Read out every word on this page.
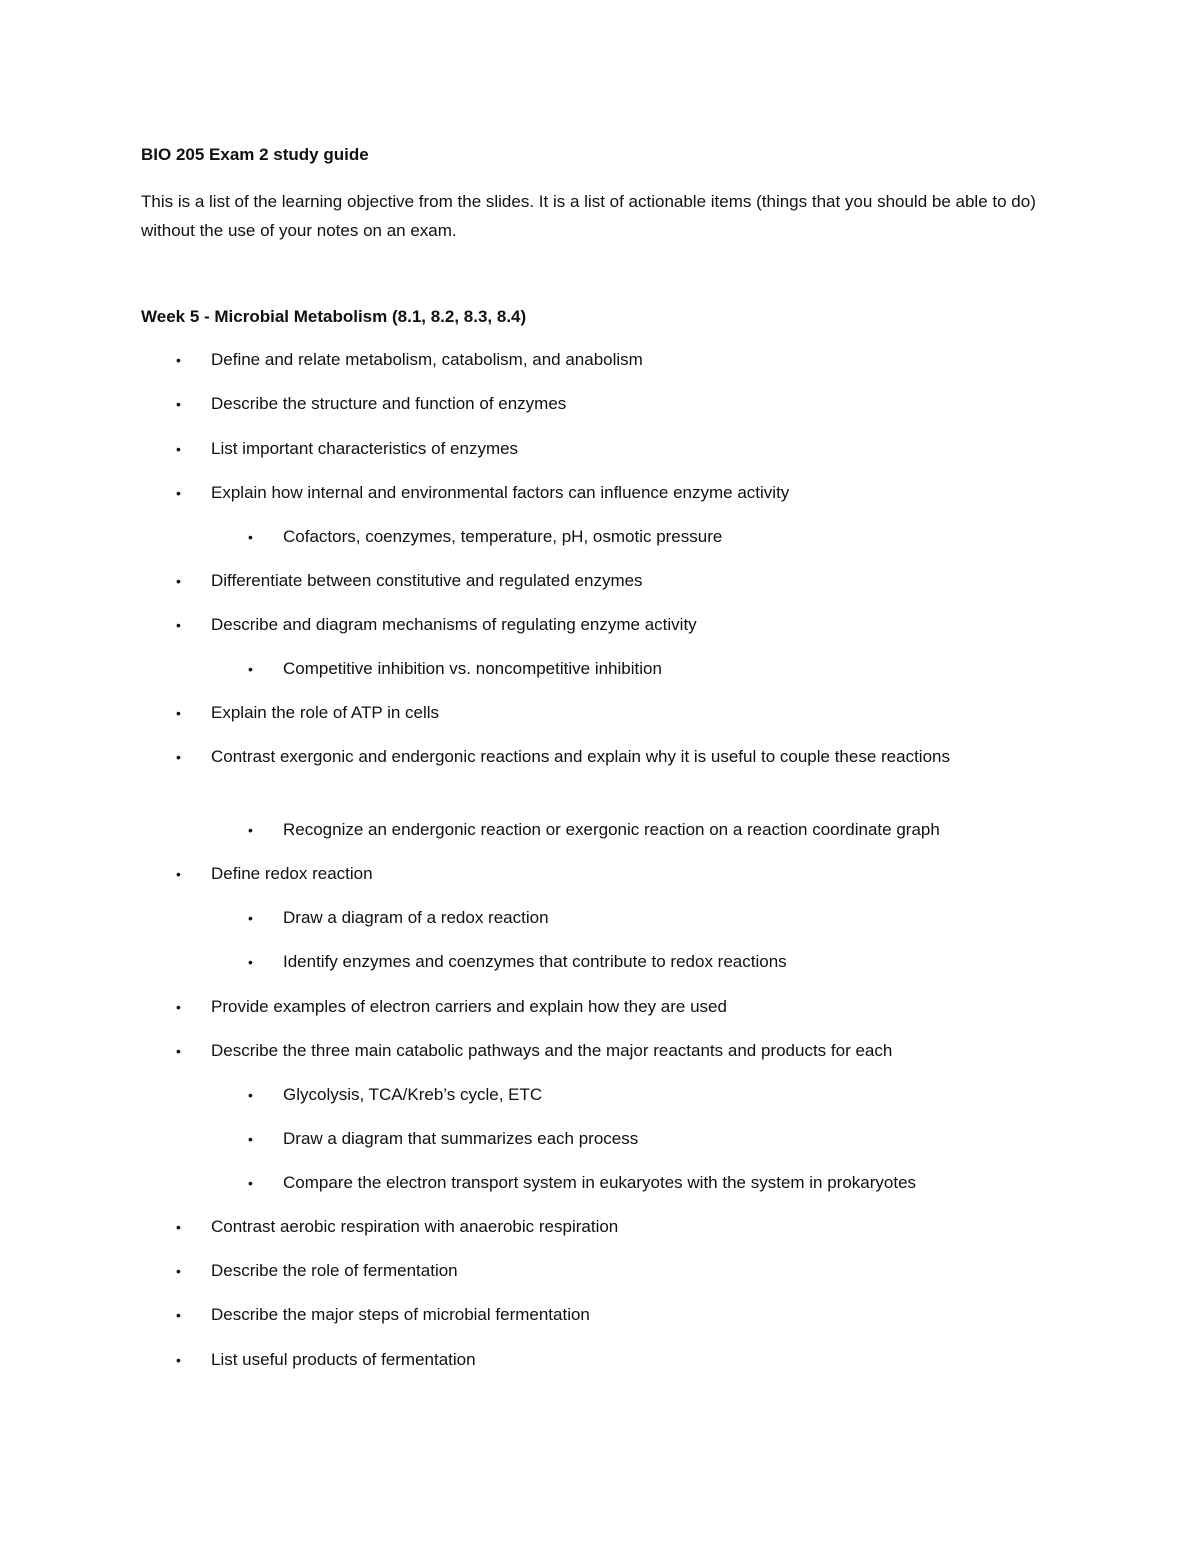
BIO 205 Exam 2 study guide

This is a list of the learning objective from the slides. It is a list of actionable items (things that you should be able to do) without the use of your notes on an exam.

Week 5 - Microbial Metabolism (8.1, 8.2, 8.3, 8.4)
• Define and relate metabolism, catabolism, and anabolism
• Describe the structure and function of enzymes
• List important characteristics of enzymes
• Explain how internal and environmental factors can influence enzyme activity
• Cofactors, coenzymes, temperature, pH, osmotic pressure
• Differentiate between constitutive and regulated enzymes
• Describe and diagram mechanisms of regulating enzyme activity
• Competitive inhibition vs. noncompetitive inhibition
• Explain the role of ATP in cells
• Contrast exergonic and endergonic reactions and explain why it is useful to couple these reactions
• Recognize an endergonic reaction or exergonic reaction on a reaction coordinate graph
• Define redox reaction
• Draw a diagram of a redox reaction
• Identify enzymes and coenzymes that contribute to redox reactions
• Provide examples of electron carriers and explain how they are used
• Describe the three main catabolic pathways and the major reactants and products for each
• Glycolysis, TCA/Kreb’s cycle, ETC
• Draw a diagram that summarizes each process
• Compare the electron transport system in eukaryotes with the system in prokaryotes
• Contrast aerobic respiration with anaerobic respiration
• Describe the role of fermentation
• Describe the major steps of microbial fermentation
• List useful products of fermentation
